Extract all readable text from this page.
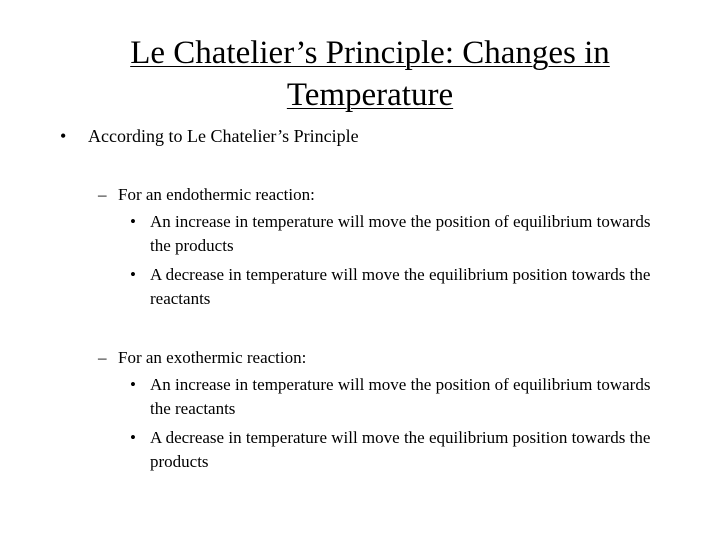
Le Chatelier’s Principle: Changes in Temperature
• According to Le Chatelier’s Principle
– For an endothermic reaction:
• An increase in temperature will move the position of equilibrium towards the products
• A decrease in temperature will move the equilibrium position towards the reactants
– For an exothermic reaction:
• An increase in temperature will move the position of equilibrium towards the reactants
• A decrease in temperature will move the equilibrium position towards the products
